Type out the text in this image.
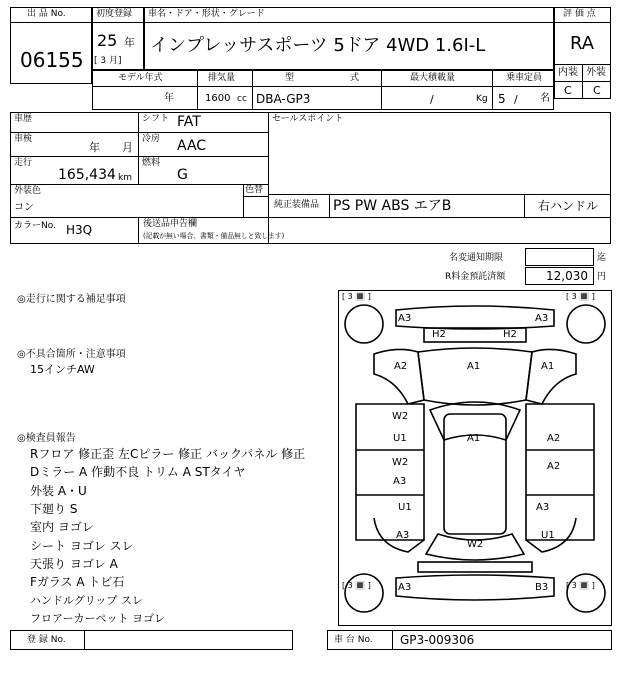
出 品 No.
06155
初度登録
25 年
[ 3 月]
車名・ドア・形状・グレード
インプレッサスポーツ 5ドア 4WD 1.6I-L
評 価 点
RA
内装 外装
C C
モデル年式
年
排気量
1600 cc
型	式
DBA-GP3
最大積載量
/	Kg
乗車定員
5 / 名
車歴	シフト FAT
車検
年 月
冷房 AAC
走行
165,434 km
燃料
G
セールスポイント
外装色
コン
色替
純正装備品 PS PW ABS エアB	右ハンドル
カラーNo. H3Q	後送品申告欄
(記載が無い場合、書類・備品無しと致します)
名変通知期限	迄
R料金預託済額	12,030 円
◎走行に関する補足事項
◎不具合箇所・注意事項
15インチAW
◎検査員報告
Rフロア 修正歪 左Cピラー 修正 バックパネル 修正
Dミラー A 作動不良 トリム A STタイヤ
外装 A・U
下廻り S
室内 ヨゴレ
シート ヨゴレ スレ
天張り ヨゴレ A
Fガラス A トビ石
ハンドルグリップ スレ
フロアーカーペット ヨゴレ
[ 3 🔳 ]	[ 3 🔳 ]
[ 3 🔳 ]	[ 3 🔳 ]
A3	A3
H2	H2
A2	A1	A1
W2
U1	A1	A2
W2
A3
A2
U1
A3
A3
U1
W2
A3	B3
登 録 No.	車 台 No. GP3-009306
